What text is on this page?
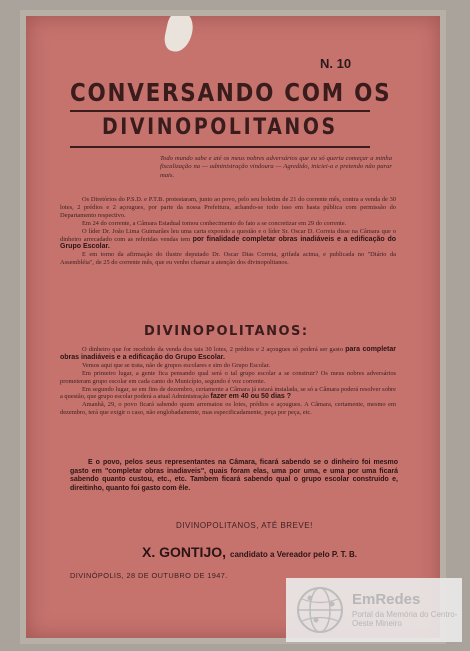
N. 10
CONVERSANDO COM OS
DIVINOPOLITANOS
Todo mundo sabe e até os meus nobres adversários que eu só queria começar a minha fiscalização na — administração vindoura — Agredido, iniciei-a e pretendo não parar mais.

Os Diretórios do P.S.D. e P.T.B. protestaram, junto ao povo, pelo seu boletim de 21 do corrente mês, contra a venda de 30 lotes, 2 prédios e 2 açougues, por parte da nossa Prefeitura, achando-se todo isso em hasta pública com permissão do Departamento respectivo.

Em 24 do corrente, a Câmara Estadual tomou conhecimento do fato a se concretizar em 29 do corrente.

O líder Dr. João Lima Guimarães leu uma carta expondo a questão e o líder Sr. Oscar D. Correia disse na Câmara que o dinheiro arrecadado com as referidas vendas tem por finalidade completar obras inadiáveis e a edificação do Grupo Escolar.

E em torno da afirmação do ilustre deputado Dr. Oscar Dias Correia, grifada acima, e publicada no "Diário da Assembléia", de 25 do corrente mês, que eu venho chamar a atenção dos divinopolitanos.

DIVINOPOLITANOS:

O dinheiro que for recebido da venda dos tais 30 lotes, 2 prédios e 2 açougues só poderá ser gasto para completar obras inadiáveis e a edificação do Grupo Escolar.

Vemos aqui que se trata, não de grupos escolares e sim do Grupo Escolar.

Em primeiro lugar, a gente fica pensando qual será o tal grupo escolar a se construir? Os meus nobres adversários prometeram grupo escolar em cada canto do Município, segundo é voz corrente.

Em segundo lugar, se em fins de dezembro, certamente a Câmara já estará instalada, se só a Câmara poderá resolver sobre a questão, que grupo escolar poderá a atual Administração fazer em 40 ou 50 dias ?

Amanhã, 29, o povo ficará sabendo quem arrematou os lotes, prédios e açougues. A Câmara, certamente, mesmo em dezembro, terá que exigir o caso, não englobadamente, mas especificadamente, peça por peça, etc.

E o povo, pelos seus representantes na Câmara, ficará sabendo se o dinheiro foi mesmo gasto em "completar obras inadiaveis", quais foram elas, uma por uma, e uma por uma ficará sabendo quanto custou, etc., etc. Tambem ficará sabendo qual o grupo escolar construido e, direitinho, quanto foi gasto com êle.

DIVINOPOLITANOS, ATÉ BREVE!
X. GONTIJO, candidato a Vereador pelo P. T. B.
DIVINÓPOLIS, 28 DE OUTUBRO DE 1947.
EmRedes
Portal da Memória do Centro-Oeste Mineiro
